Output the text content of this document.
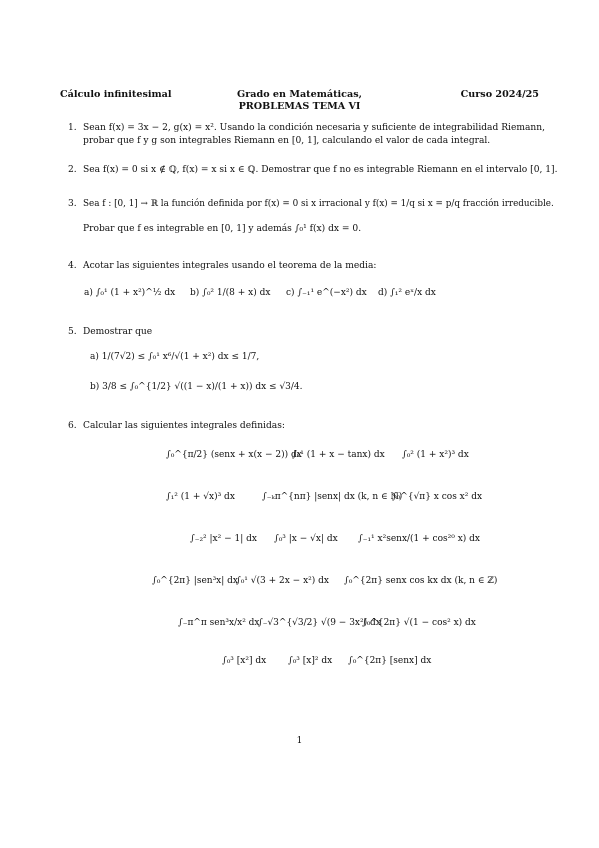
Cálculo infinitesimal	Grado en Matemáticas,
PROBLEMAS TEMA VI
Curso 2024/25
1. Sean f(x) = 3x − 2, g(x) = x². Usando la condición necesaria y suficiente de integrabilidad Riemann,
probar que f y g son integrables Riemann en [0, 1], calculando el valor de cada integral.
2. Sea f(x) = 0 si x ∉ ℚ, f(x) = x si x ∈ ℚ. Demostrar que f no es integrable Riemann en el intervalo [0, 1].
3. Sea f : [0, 1] → ℝ la función definida por f(x) = 0 si x irracional y f(x) = 1/q si x = p/q fracción irreducible.
Probar que f es integrable en [0, 1] y además ∫₀¹ f(x) dx = 0.
4. Acotar las siguientes integrales usando el teorema de la media:
a) ∫₀¹ (1 + x²)^½ dx b) ∫₀² 1/(8 + x) dx c) ∫₋₁¹ e^(−x²) dx d) ∫₁² eˣ/x dx
5. Demostrar que
a) 1/(7√2) ≤ ∫₀¹ x⁶/√(1 + x²) dx ≤ 1/7,
b) 3/8 ≤ ∫₀^{1/2} √((1 − x)/(1 + x)) dx ≤ √3/4.
6. Calcular las siguientes integrales definidas:
∫₀^{π/2} (senx + x(x − 2)) dx
∫₀¹ (1 + x − tanx) dx ∫₀² (1 + x²)³ dx
∫₁² (1 + √x)³ dx	∫₋ₖπ^{nπ} |senx| dx (k, n ∈ ℕ)
∫₀^{√π} x cos x² dx
∫₋₂² |x² − 1| dx ∫₀³ |x − √x| dx ∫₋₁¹ x²senx/(1 + cos²⁰ x) dx
∫₀^{2π} |sen³x| dx
∫₀¹ √(3 + 2x − x²) dx ∫₀^{2π} senx cos kx dx (k, n ∈ ℤ)
∫₋π^π sen³x/x² dx
∫₋√3^{√3/2} √(9 − 3x²) dx
∫₀^{2π} √(1 − cos² x) dx
∫₀³ [x²] dx ∫₀³ [x]² dx ∫₀^{2π} [senx] dx
1
